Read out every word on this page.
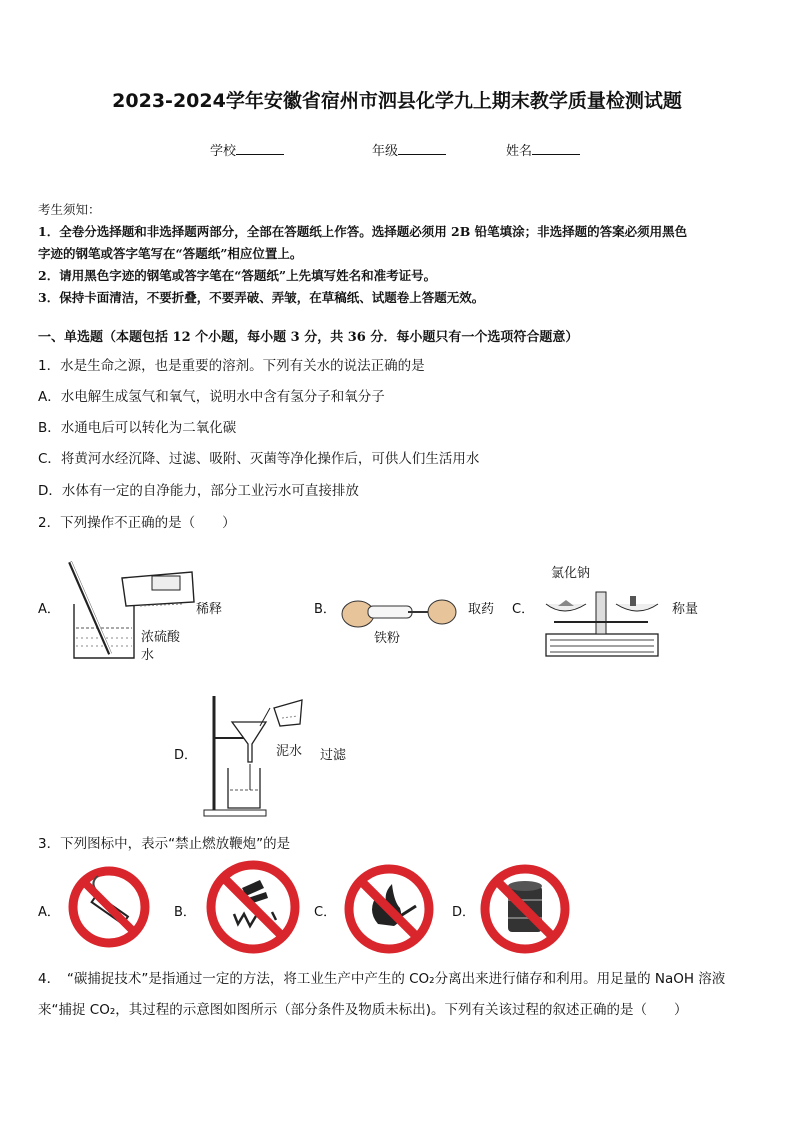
2023-2024学年安徽省宿州市泗县化学九上期末教学质量检测试题
学校	年级	姓名
考生须知：
1．全卷分选择题和非选择题两部分，全部在答题纸上作答。选择题必须用 2B 铅笔填涂；非选择题的答案必须用黑色
字迹的钢笔或答字笔写在“答题纸”相应位置上。
2．请用黑色字迹的钢笔或答字笔在“答题纸”上先填写姓名和准考证号。
3．保持卡面清洁，不要折叠，不要弄破、弄皱，在草稿纸、试题卷上答题无效。
一、单选题（本题包括 12 个小题，每小题 3 分，共 36 分．每小题只有一个选项符合题意）
1．水是生命之源，也是重要的溶剂。下列有关水的说法正确的是
A．水电解生成氢气和氧气，说明水中含有氢分子和氧分子
B．水通电后可以转化为二氧化碳
C．将黄河水经沉降、过滤、吸附、灭菌等净化操作后，可供人们生活用水
D．水体有一定的自净能力，部分工业污水可直接排放
2．下列操作不正确的是（　　）
A．	稀释
浓硫酸
水
B．
铁粉
取药 C．
氯化钠
称量
D．	泥水 过滤
3．下列图标中，表示“禁止燃放鞭炮”的是
A．	B．	C．	D．
4．　“碳捕捉技术”是指通过一定的方法，将工业生产中产生的 CO₂分离出来进行储存和利用。用足量的 NaOH 溶液
来“捕捉 CO₂，其过程的示意图如图所示（部分条件及物质未标出)。下列有关该过程的叙述正确的是（　　）
